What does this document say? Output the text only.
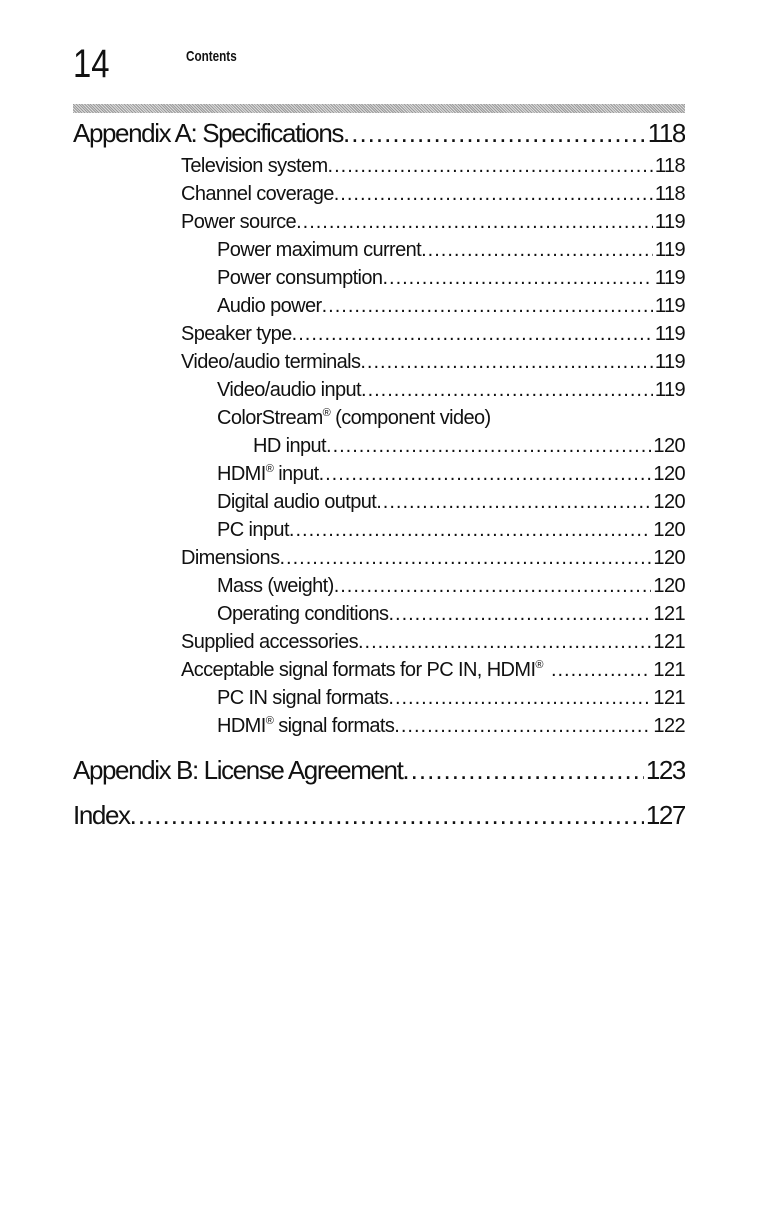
14	Contents
Appendix A: Specifications .....	118
Television system .....	118
Channel coverage .....	118
Power source .....	119
Power maximum current .....	119
Power consumption .....	119
Audio power .....	119
Speaker type .....	119
Video/audio terminals .....	119
Video/audio input .....	119
ColorStream® (component video)
HD input .....	120
HDMI® input .....	120
Digital audio output .....	120
PC input .....	120
Dimensions .....	120
Mass (weight) .....	120
Operating conditions .....	121
Supplied accessories .....	121
Acceptable signal formats for PC IN, HDMI® .....	121
PC IN signal formats .....	121
HDMI® signal formats .....	122
Appendix B: License Agreement .....	123
Index .....	127
